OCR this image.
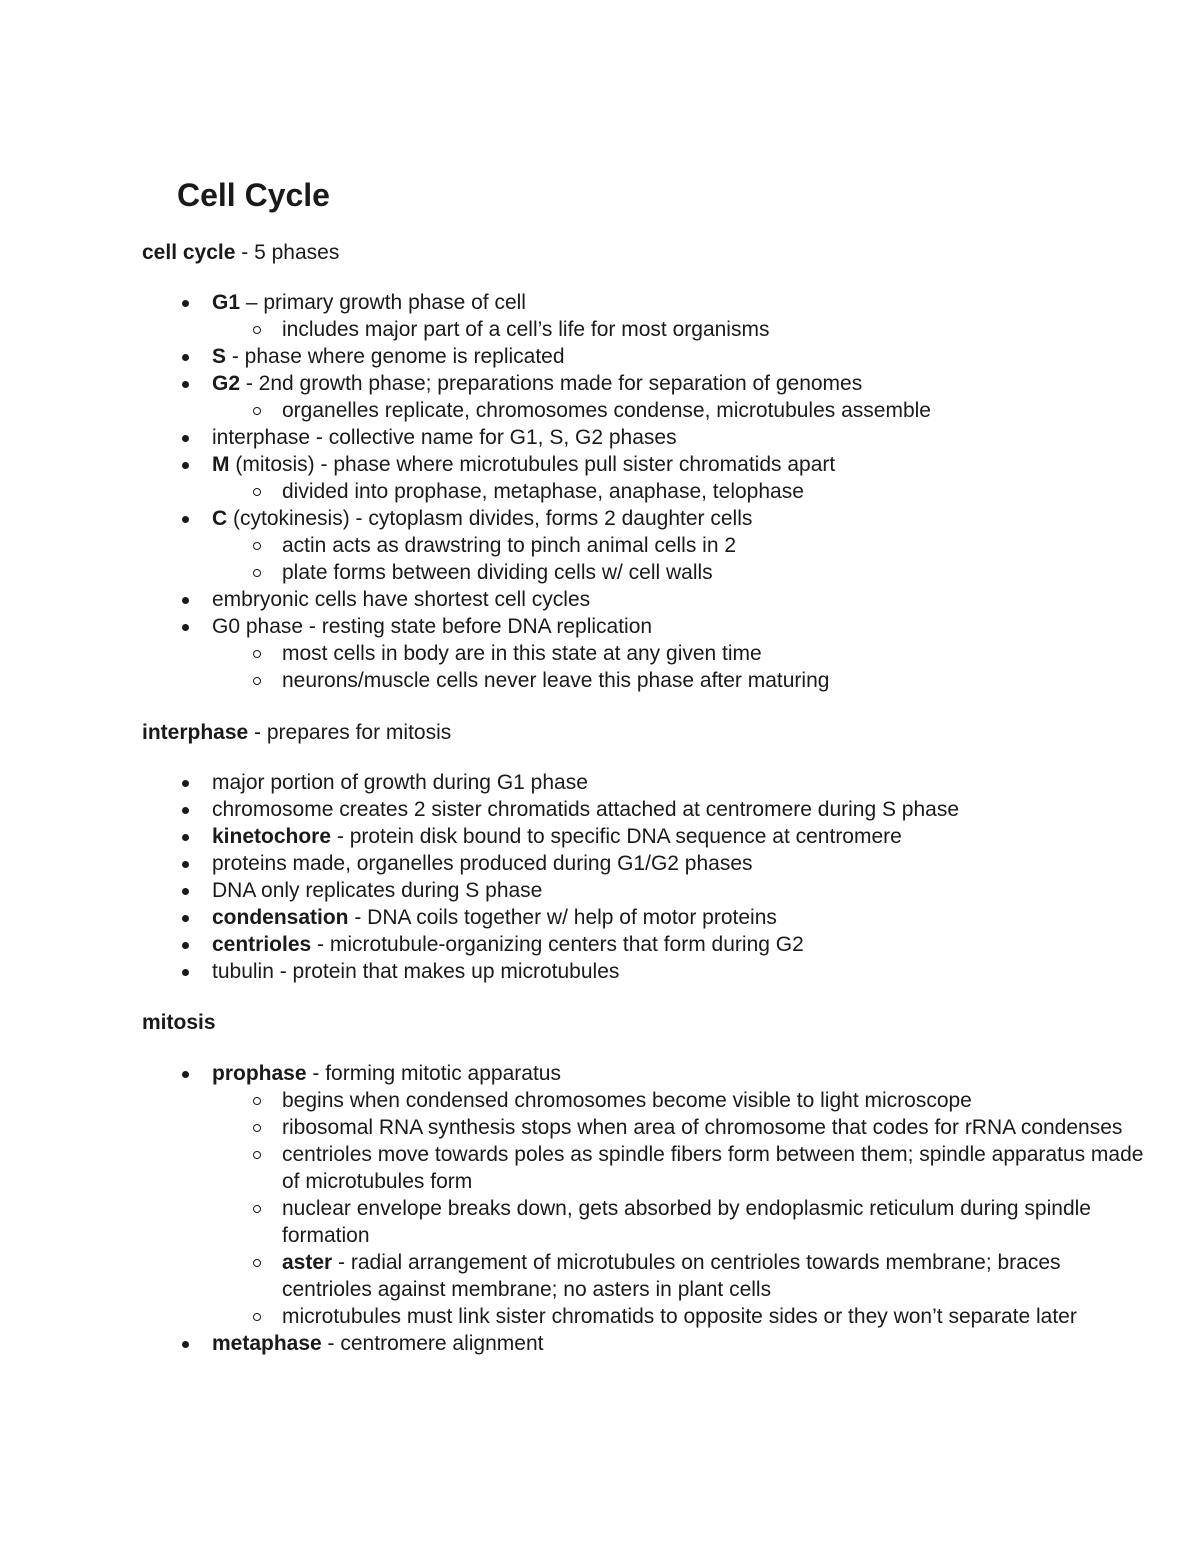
Cell Cycle

cell cycle - 5 phases

G1 – primary growth phase of cell
includes major part of a cell’s life for most organisms
S - phase where genome is replicated
G2 - 2nd growth phase; preparations made for separation of genomes
organelles replicate, chromosomes condense, microtubules assemble
interphase - collective name for G1, S, G2 phases
M (mitosis) - phase where microtubules pull sister chromatids apart
divided into prophase, metaphase, anaphase, telophase
C (cytokinesis) - cytoplasm divides, forms 2 daughter cells
actin acts as drawstring to pinch animal cells in 2
plate forms between dividing cells w/ cell walls
embryonic cells have shortest cell cycles
G0 phase - resting state before DNA replication
most cells in body are in this state at any given time
neurons/muscle cells never leave this phase after maturing

interphase - prepares for mitosis

major portion of growth during G1 phase
chromosome creates 2 sister chromatids attached at centromere during S phase
kinetochore - protein disk bound to specific DNA sequence at centromere
proteins made, organelles produced during G1/G2 phases
DNA only replicates during S phase
condensation - DNA coils together w/ help of motor proteins
centrioles - microtubule-organizing centers that form during G2
tubulin - protein that makes up microtubules

mitosis

prophase - forming mitotic apparatus
begins when condensed chromosomes become visible to light microscope
ribosomal RNA synthesis stops when area of chromosome that codes for rRNA condenses
centrioles move towards poles as spindle fibers form between them; spindle apparatus made of microtubules form
nuclear envelope breaks down, gets absorbed by endoplasmic reticulum during spindle formation
aster - radial arrangement of microtubules on centrioles towards membrane; braces centrioles against membrane; no asters in plant cells
microtubules must link sister chromatids to opposite sides or they won’t separate later
metaphase - centromere alignment
